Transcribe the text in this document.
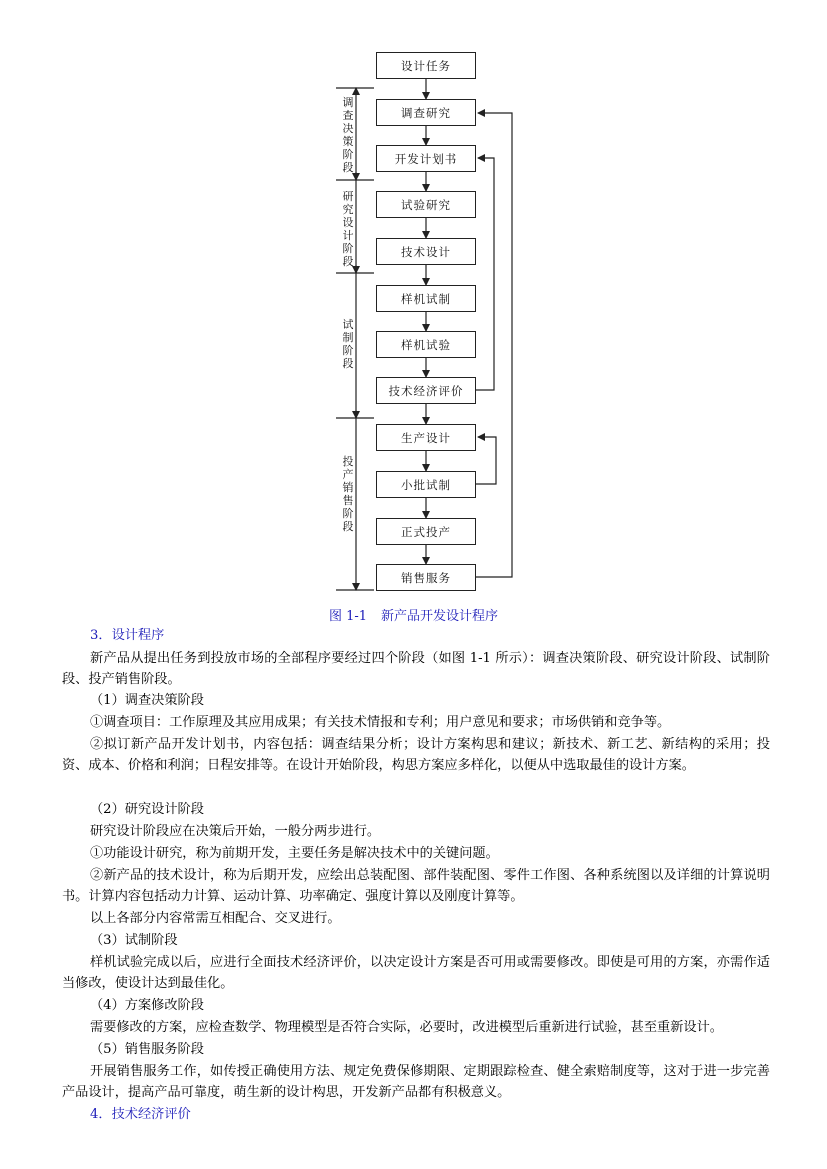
设计任务
调查研究
开发计划书
试验研究
技术设计
样机试制
样机试验
技术经济评价
生产设计
小批试制
正式投产
销售服务
调查决策阶段
研究设计阶段
试制阶段
投产销售阶段
图 1-1 新产品开发设计程序

3．设计程序

新产品从提出任务到投放市场的全部程序要经过四个阶段（如图 1-1 所示）：调查决策阶段、研究设计阶段、试制阶段、投产销售阶段。

（1）调查决策阶段

①调查项目：工作原理及其应用成果；有关技术情报和专利；用户意见和要求；市场供销和竞争等。

②拟订新产品开发计划书，内容包括：调查结果分析；设计方案构思和建议；新技术、新工艺、新结构的采用；投资、成本、价格和利润；日程安排等。在设计开始阶段，构思方案应多样化，以便从中选取最佳的设计方案。

（2）研究设计阶段

研究设计阶段应在决策后开始，一般分两步进行。

①功能设计研究，称为前期开发，主要任务是解决技术中的关键问题。

②新产品的技术设计，称为后期开发，应绘出总装配图、部件装配图、零件工作图、各种系统图以及详细的计算说明书。计算内容包括动力计算、运动计算、功率确定、强度计算以及刚度计算等。

以上各部分内容常需互相配合、交叉进行。

（3）试制阶段

样机试验完成以后，应进行全面技术经济评价，以决定设计方案是否可用或需要修改。即使是可用的方案，亦需作适当修改，使设计达到最佳化。

（4）方案修改阶段

需要修改的方案，应检查数学、物理模型是否符合实际，必要时，改进模型后重新进行试验，甚至重新设计。

（5）销售服务阶段

开展销售服务工作，如传授正确使用方法、规定免费保修期限、定期跟踪检查、健全索赔制度等，这对于进一步完善产品设计，提高产品可靠度，萌生新的设计构思，开发新产品都有积极意义。

4．技术经济评价
